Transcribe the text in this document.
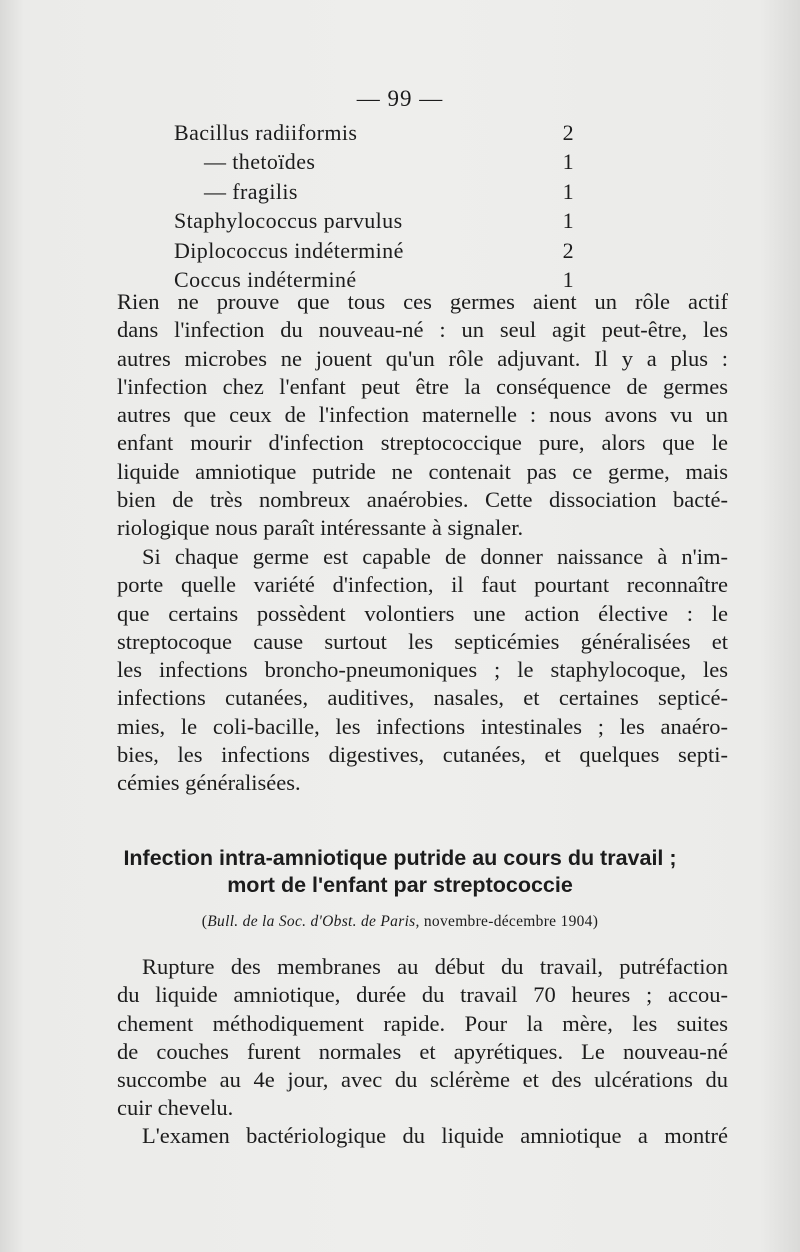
— 99 —
Bacillus radiiformis	2
— thetoïdes	1
— fragilis	1
Staphylococcus parvulus	1
Diplococcus indéterminé	2
Coccus indéterminé	1
Rien ne prouve que tous ces germes aient un rôle actif
dans l'infection du nouveau-né : un seul agit peut-être, les
autres microbes ne jouent qu'un rôle adjuvant. Il y a plus :
l'infection chez l'enfant peut être la conséquence de germes
autres que ceux de l'infection maternelle : nous avons vu un
enfant mourir d'infection streptococcique pure, alors que le
liquide amniotique putride ne contenait pas ce germe, mais
bien de très nombreux anaérobies. Cette dissociation bacté-
riologique nous paraît intéressante à signaler.
Si chaque germe est capable de donner naissance à n'im-
porte quelle variété d'infection, il faut pourtant reconnaître
que certains possèdent volontiers une action élective : le
streptocoque cause surtout les septicémies généralisées et
les infections broncho-pneumoniques ; le staphylocoque, les
infections cutanées, auditives, nasales, et certaines septicé-
mies, le coli-bacille, les infections intestinales ; les anaéro-
bies, les infections digestives, cutanées, et quelques septi-
cémies généralisées.
Infection intra-amniotique putride au cours du travail ;
mort de l'enfant par streptococcie
(Bull. de la Soc. d'Obst. de Paris, novembre-décembre 1904)
Rupture des membranes au début du travail, putréfaction
du liquide amniotique, durée du travail 70 heures ; accou-
chement méthodiquement rapide. Pour la mère, les suites
de couches furent normales et apyrétiques. Le nouveau-né
succombe au 4e jour, avec du sclérème et des ulcérations du
cuir chevelu.
L'examen bactériologique du liquide amniotique a montré
